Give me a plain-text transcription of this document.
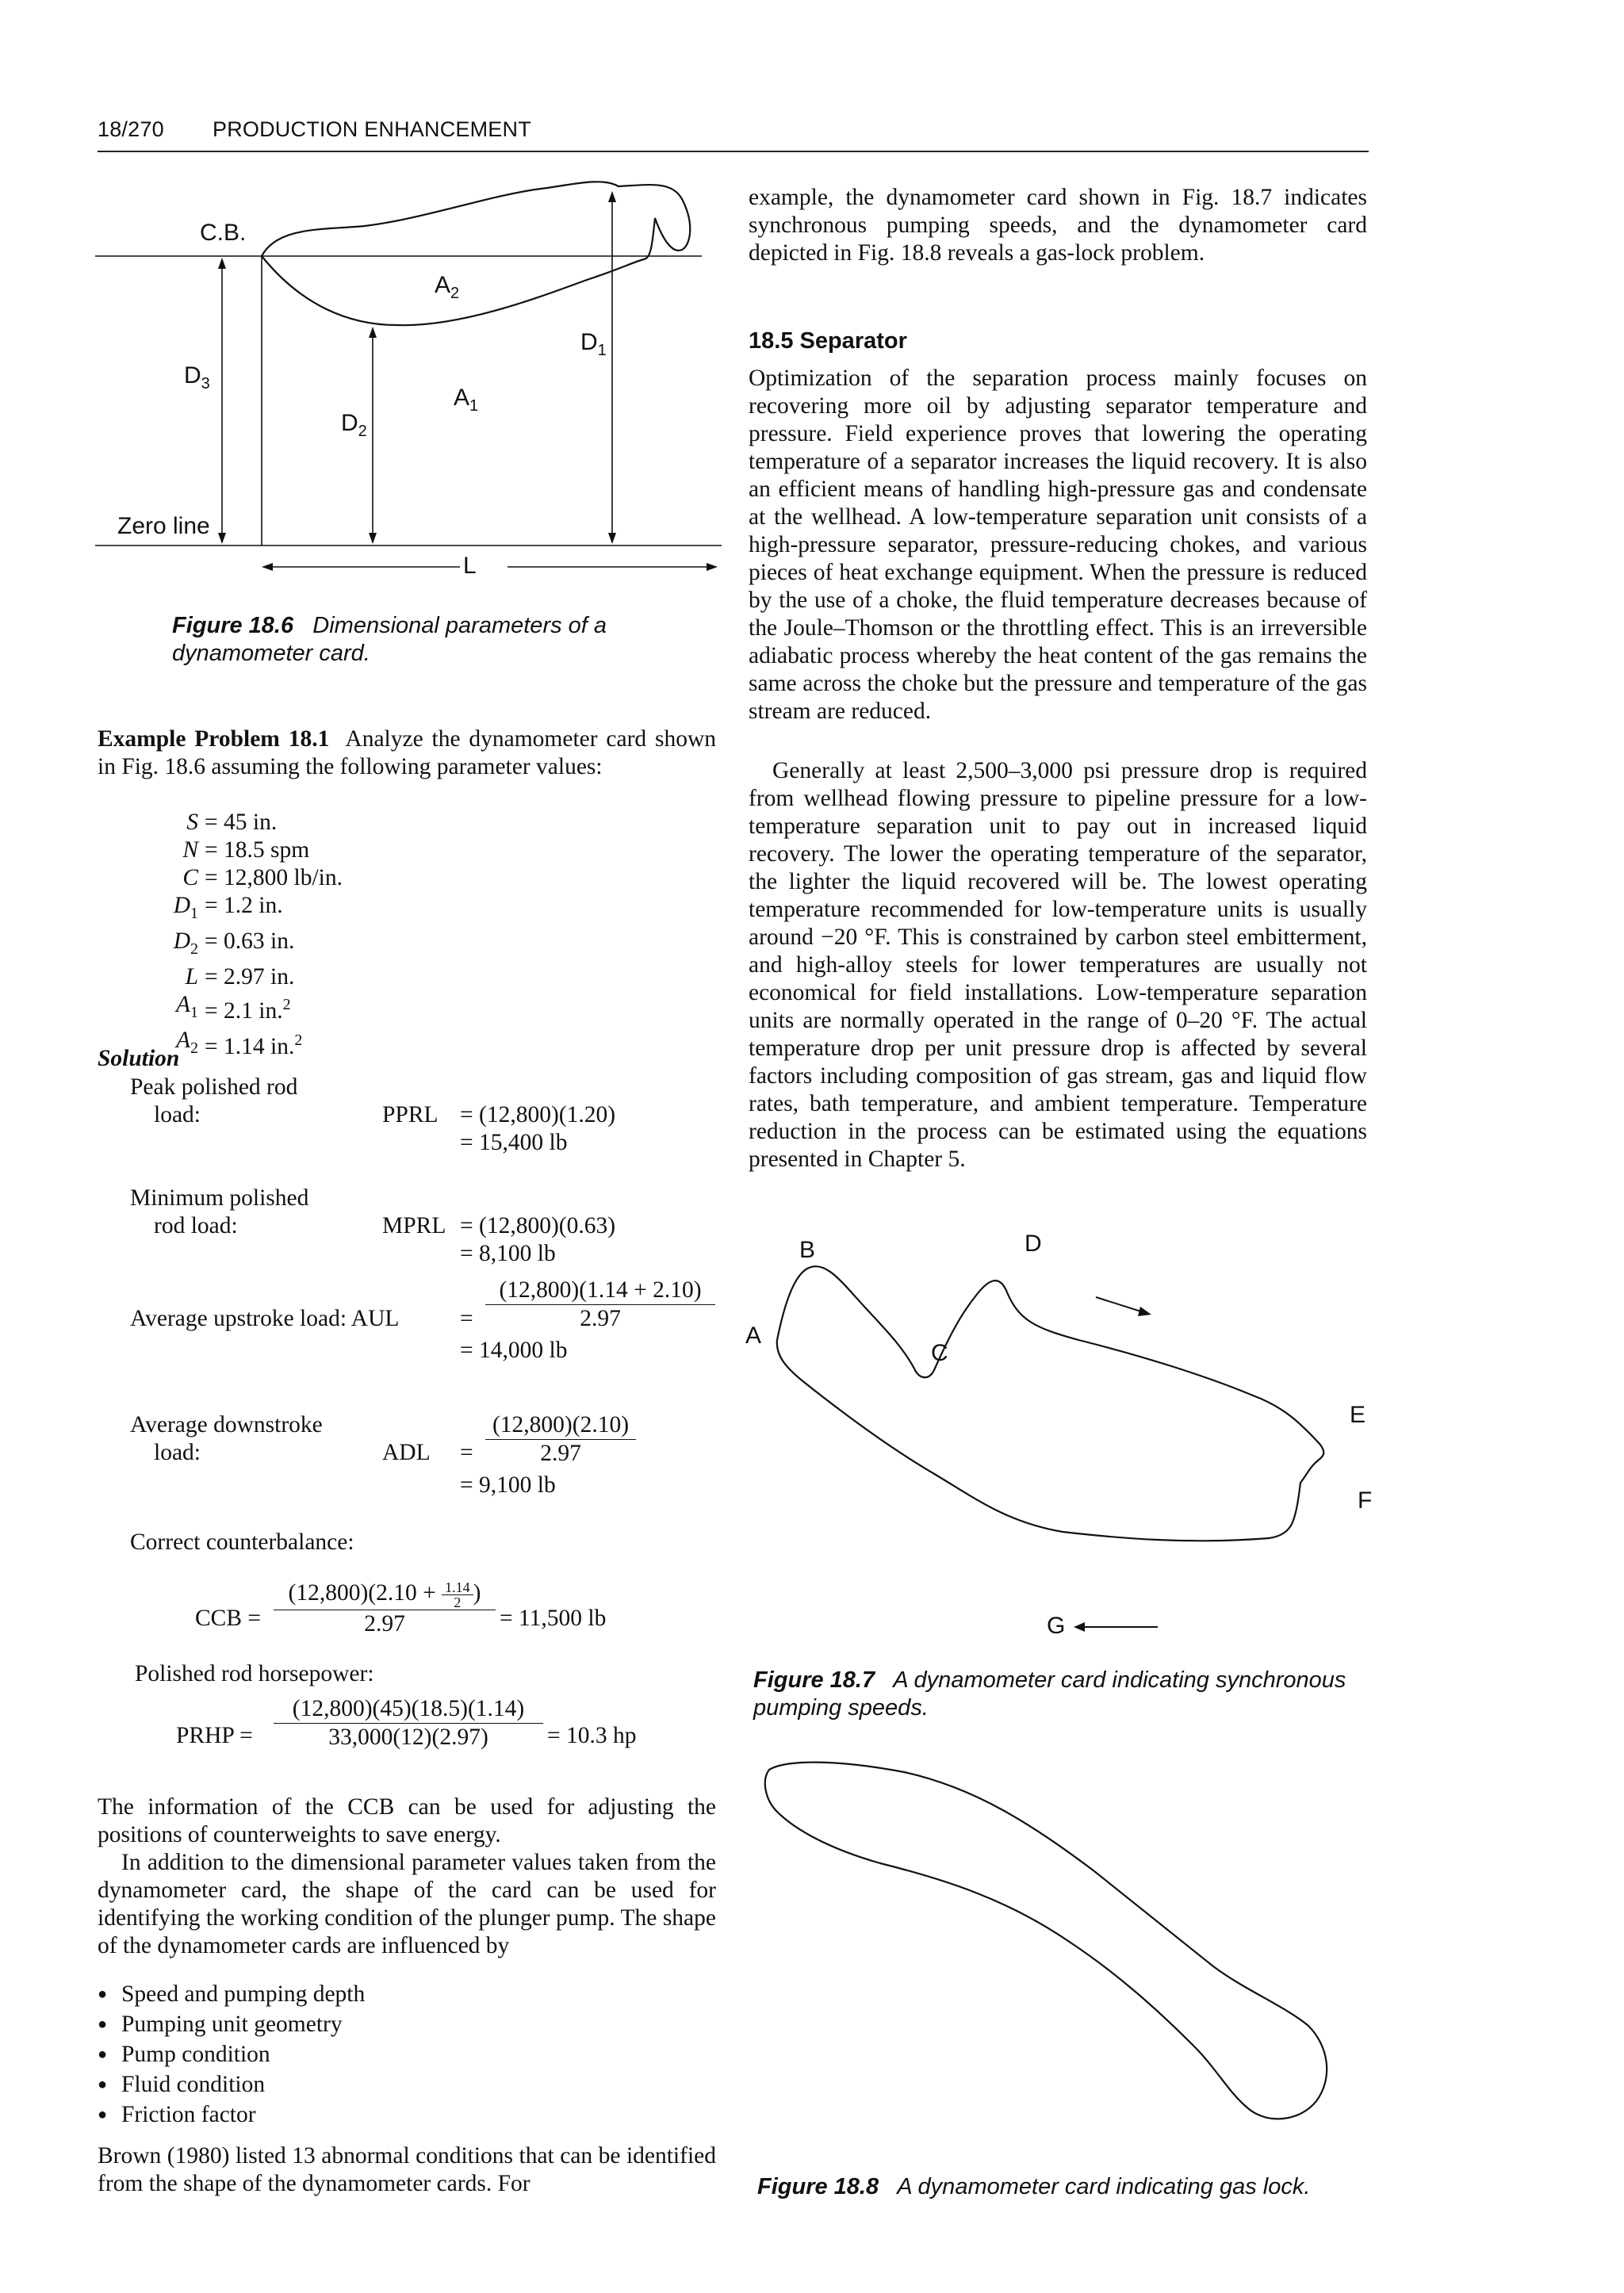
18/270 PRODUCTION ENHANCEMENT
C.B.
$A_2$
$D_1$
$D_3$
$A_1$
$D_2$
Zero line
L
Figure 18.6 Dimensional parameters of a dynamometer card.
Example Problem 18.1 Analyze the dynamometer card shown in Fig. 18.6 assuming the following parameter values:
S = 45 in.
N = 18.5 spm
C = 12,800 lb/in.
$D_1 = 1.2$ in.
$D_2 = 0.63$ in.
L = 2.97 in.
$A_1 = 2.1$ in.$^2$
$A_2 = 1.14$ in.$^2$
Solution
Peak polished rod
load:	PPRL = (12,800)(1.20)
= 15,400 lb
Minimum polished
rod load:	MPRL = (12,800)(0.63)
= 8,100 lb
Average upstroke load: AUL	=
(12,800)(1.14 + 2.10)
2.97
= 14,000 lb
Average downstroke
load:	ADL =
(12,800)(2.10)
2.97
= 9,100 lb
Correct counterbalance:
CCB =
$(12,800)(2.10 + \frac{1.14}{2}$ )
2.97	= 11,500 lb
Polished rod horsepower:
PRHP =
(12,800)(45)(18.5)(1.14)
33,000(12)(2.97)	= 10.3 hp
The information of the CCB can be used for adjusting the positions of counterweights to save energy.
In addition to the dimensional parameter values taken from the dynamometer card, the shape of the card can be used for identifying the working condition of the plunger pump. The shape of the dynamometer cards are influenced by
● Speed and pumping depth
● Pumping unit geometry
● Pump condition
● Fluid condition
● Friction factor
Brown (1980) listed 13 abnormal conditions that can be identified from the shape of the dynamometer cards. For
example, the dynamometer card shown in Fig. 18.7 indicates synchronous pumping speeds, and the dynamometer card depicted in Fig. 18.8 reveals a gas-lock problem.
18.5 Separator
Optimization of the separation process mainly focuses on recovering more oil by adjusting separator temperature and pressure. Field experience proves that lowering the operating temperature of a separator increases the liquid recovery. It is also an efficient means of handling high-pressure gas and condensate at the wellhead. A low-temperature separation unit consists of a high-pressure separator, pressure-reducing chokes, and various pieces of heat exchange equipment. When the pressure is reduced by the use of a choke, the fluid temperature decreases because of the Joule–Thomson or the throttling effect. This is an irreversible adiabatic process whereby the heat content of the gas remains the same across the choke but the pressure and temperature of the gas stream are reduced.
Generally at least 2,500–3,000 psi pressure drop is required from wellhead flowing pressure to pipeline pressure for a low-temperature separation unit to pay out in increased liquid recovery. The lower the operating temperature of the separator, the lighter the liquid recovered will be. The lowest operating temperature recommended for low-temperature units is usually around −20 °F. This is constrained by carbon steel embitterment, and high-alloy steels for lower temperatures are usually not economical for field installations. Low-temperature separation units are normally operated in the range of 0–20 °F. The actual temperature drop per unit pressure drop is affected by several factors including composition of gas stream, gas and liquid flow rates, bath temperature, and ambient temperature. Temperature reduction in the process can be estimated using the equations presented in Chapter 5.
A
B
C
D
E
F
G
Figure 18.7 A dynamometer card indicating synchronous pumping speeds.
Figure 18.8 A dynamometer card indicating gas lock.
